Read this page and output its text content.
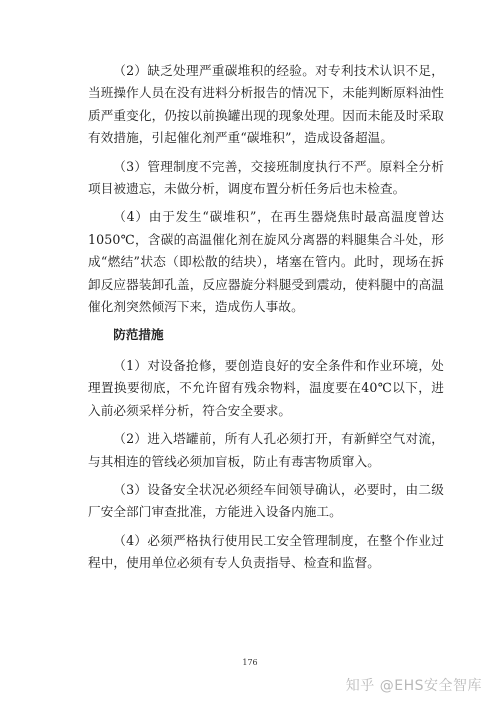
（2）缺乏处理严重碳堆积的经验。对专利技术认识不足，当班操作人员在没有进料分析报告的情况下，未能判断原料油性质严重变化，仍按以前换罐出现的现象处理。因而未能及时采取有效措施，引起催化剂严重“碳堆积”，造成设备超温。

（3）管理制度不完善，交接班制度执行不严。原料全分析项目被遗忘，未做分析，调度布置分析任务后也未检查。

（4）由于发生“碳堆积”，在再生器烧焦时最高温度曾达1050℃，含碳的高温催化剂在旋风分离器的料腿集合斗处，形成“燃结”状态（即松散的结块），堵塞在管内。此时，现场在拆卸反应器装卸孔盖，反应器旋分料腿受到震动，使料腿中的高温催化剂突然倾泻下来，造成伤人事故。

防范措施

（1）对设备抢修，要创造良好的安全条件和作业环境，处理置换要彻底，不允许留有残余物料，温度要在40℃以下，进入前必须采样分析，符合安全要求。

（2）进入塔罐前，所有人孔必须打开，有新鲜空气对流，与其相连的管线必须加盲板，防止有毒害物质窜入。

（3）设备安全状况必须经车间领导确认，必要时，由二级厂安全部门审查批准，方能进入设备内施工。

（4）必须严格执行使用民工安全管理制度，在整个作业过程中，使用单位必须有专人负责指导、检查和监督。

176
知乎 @EHS安全智库
